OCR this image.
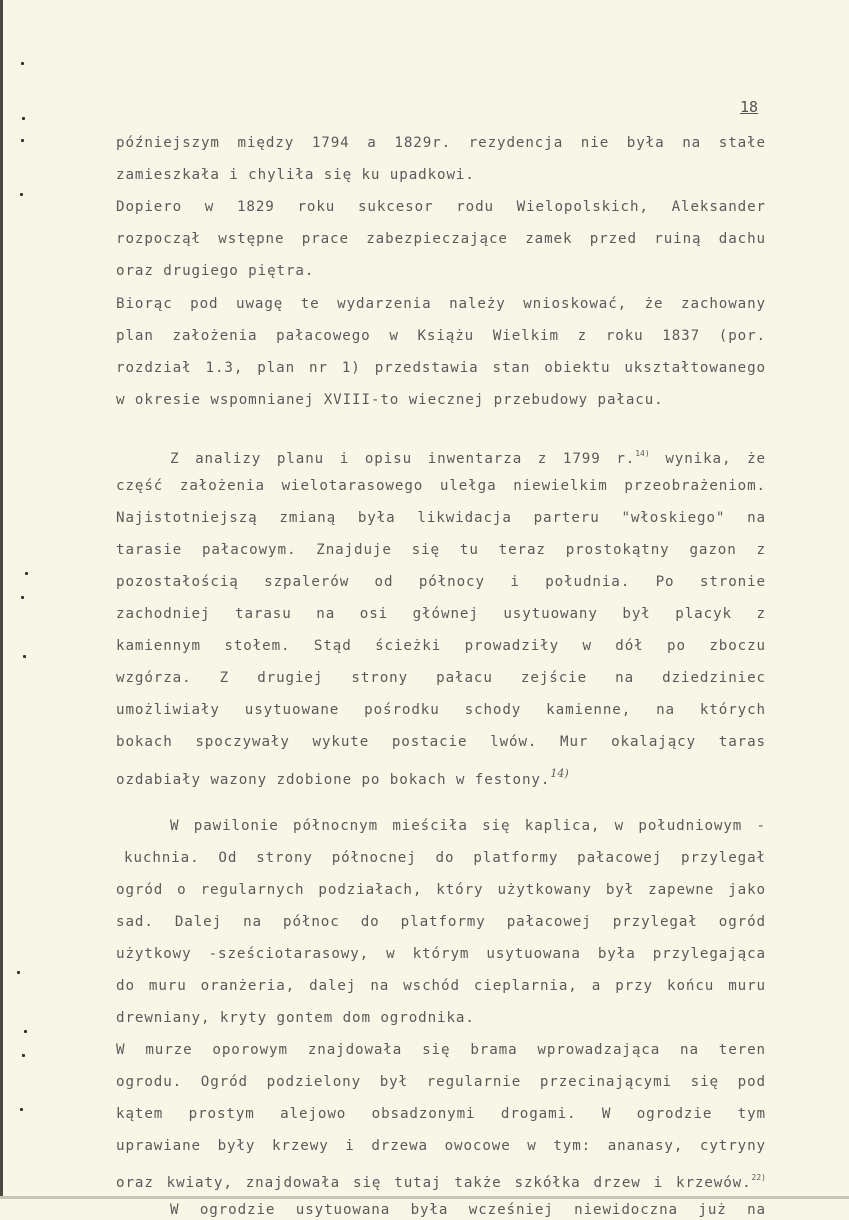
18
późniejszym między 1794 a 1829r. rezydencja nie była na stałe
zamieszkała i chyliła się ku upadkowi.
Dopiero w 1829 roku sukcesor rodu Wielopolskich, Aleksander
rozpoczął wstępne prace zabezpieczające zamek przed ruiną dachu
oraz drugiego piętra.
Biorąc pod uwagę te wydarzenia należy wnioskować, że zachowany
plan założenia pałacowego w Książu Wielkim z roku 1837 (por.
rozdział 1.3, plan nr 1) przedstawia stan obiektu ukształtowanego
w okresie wspomnianej XVIII-to wiecznej przebudowy pałacu.
Z analizy planu i opisu inwentarza z 1799 r.$^{14)}$ wynika, że
część założenia wielotarasowego ulełga niewielkim przeobrażeniom.
Najistotniejszą zmianą była likwidacja parteru "włoskiego" na
tarasie pałacowym. Znajduje się tu teraz prostokątny gazon z
pozostałością szpalerów od północy i południa. Po stronie
zachodniej tarasu na osi głównej usytuowany był placyk z
kamiennym stołem. Stąd ścieżki prowadziły w dół po zboczu
wzgórza. Z drugiej strony pałacu zejście na dziedziniec
umożliwiały usytuowane pośrodku schody kamienne, na których
bokach spoczywały wykute postacie lwów. Mur okalający taras
ozdabiały wazony zdobione po bokach w festony.$^{14)}$
W pawilonie północnym mieściła się kaplica, w południowym -
kuchnia. Od strony północnej do platformy pałacowej przylegał
ogród o regularnych podziałach, który użytkowany był zapewne jako
sad. Dalej na północ do platformy pałacowej przylegał ogród
użytkowy -sześciotarasowy, w którym usytuowana była przylegająca
do muru oranżeria, dalej na wschód cieplarnia, a przy końcu muru
drewniany, kryty gontem dom ogrodnika.
W murze oporowym znajdowała się brama wprowadzająca na teren
ogrodu. Ogród podzielony był regularnie przecinającymi się pod
kątem prostym alejowo obsadzonymi drogami. W ogrodzie tym
uprawiane były krzewy i drzewa owocowe w tym: ananasy, cytryny
oraz kwiaty, znajdowała się tutaj także szkółka drzew i krzewów.$^{22)}$
W ogrodzie usytuowana była wcześniej niewidoczna już na
